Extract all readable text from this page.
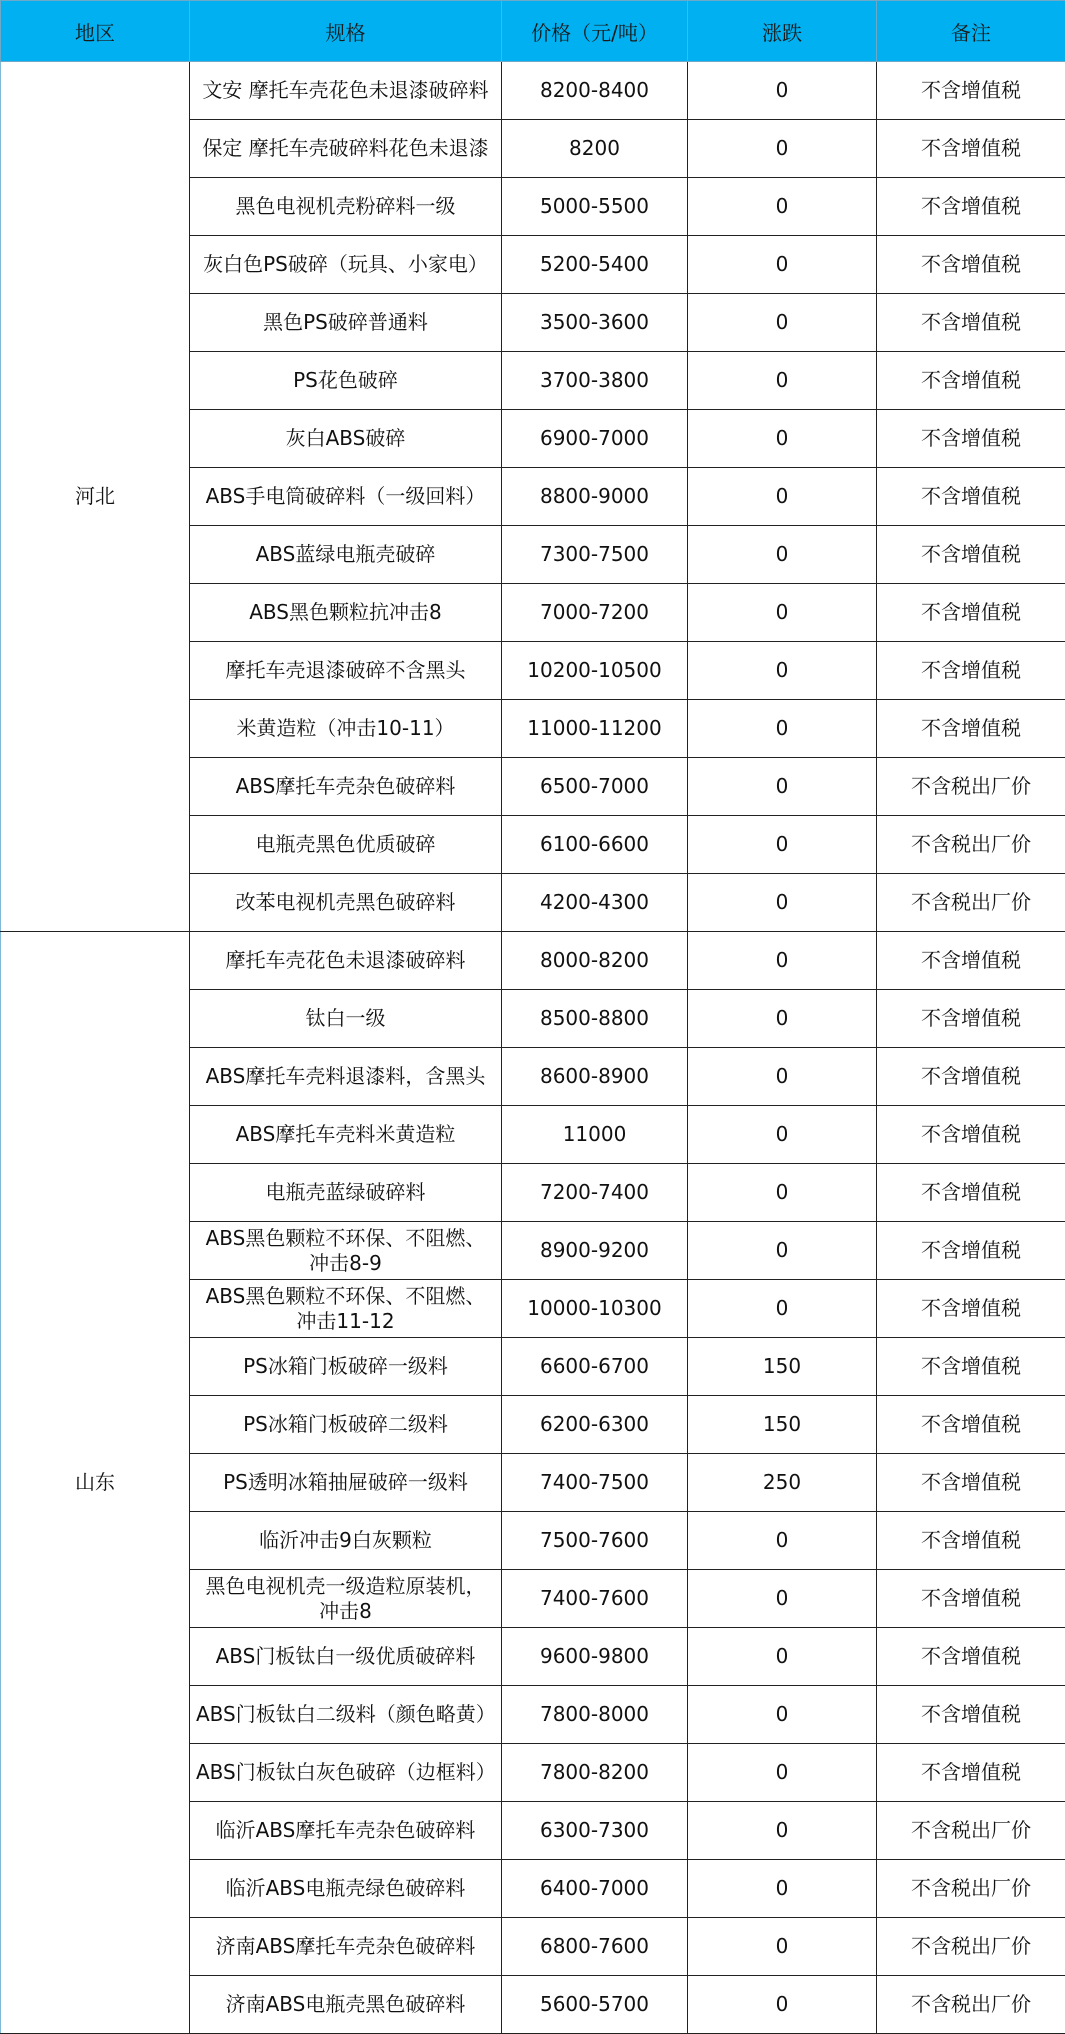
地区	规格	价格（元/吨）	涨跌	备注
河北	文安 摩托车壳花色未退漆破碎料	8200-8400	0	不含增值税
	保定 摩托车壳破碎料花色未退漆	8200	0	不含增值税
	黑色电视机壳粉碎料一级	5000-5500	0	不含增值税
	灰白色PS破碎（玩具、小家电）	5200-5400	0	不含增值税
	黑色PS破碎普通料	3500-3600	0	不含增值税
	PS花色破碎	3700-3800	0	不含增值税
	灰白ABS破碎	6900-7000	0	不含增值税
	ABS手电筒破碎料（一级回料）	8800-9000	0	不含增值税
	ABS蓝绿电瓶壳破碎	7300-7500	0	不含增值税
	ABS黑色颗粒抗冲击8	7000-7200	0	不含增值税
	摩托车壳退漆破碎不含黑头	10200-10500	0	不含增值税
	米黄造粒（冲击10-11）	11000-11200	0	不含增值税
	ABS摩托车壳杂色破碎料	6500-7000	0	不含税出厂价
	电瓶壳黑色优质破碎	6100-6600	0	不含税出厂价
	改苯电视机壳黑色破碎料	4200-4300	0	不含税出厂价
山东	摩托车壳花色未退漆破碎料	8000-8200	0	不含增值税
	钛白一级	8500-8800	0	不含增值税
	ABS摩托车壳料退漆料，含黑头	8600-8900	0	不含增值税
	ABS摩托车壳料米黄造粒	11000	0	不含增值税
	电瓶壳蓝绿破碎料	7200-7400	0	不含增值税
	ABS黑色颗粒不环保、不阻燃、冲击8-9	8900-9200	0	不含增值税
	ABS黑色颗粒不环保、不阻燃、冲击11-12	10000-10300	0	不含增值税
	PS冰箱门板破碎一级料	6600-6700	150	不含增值税
	PS冰箱门板破碎二级料	6200-6300	150	不含增值税
	PS透明冰箱抽屉破碎一级料	7400-7500	250	不含增值税
	临沂冲击9白灰颗粒	7500-7600	0	不含增值税
	黑色电视机壳一级造粒原装机，冲击8	7400-7600	0	不含增值税
	ABS门板钛白一级优质破碎料	9600-9800	0	不含增值税
	ABS门板钛白二级料（颜色略黄）	7800-8000	0	不含增值税
	ABS门板钛白灰色破碎（边框料）	7800-8200	0	不含增值税
	临沂ABS摩托车壳杂色破碎料	6300-7300	0	不含税出厂价
	临沂ABS电瓶壳绿色破碎料	6400-7000	0	不含税出厂价
	济南ABS摩托车壳杂色破碎料	6800-7600	0	不含税出厂价
	济南ABS电瓶壳黑色破碎料	5600-5700	0	不含税出厂价
